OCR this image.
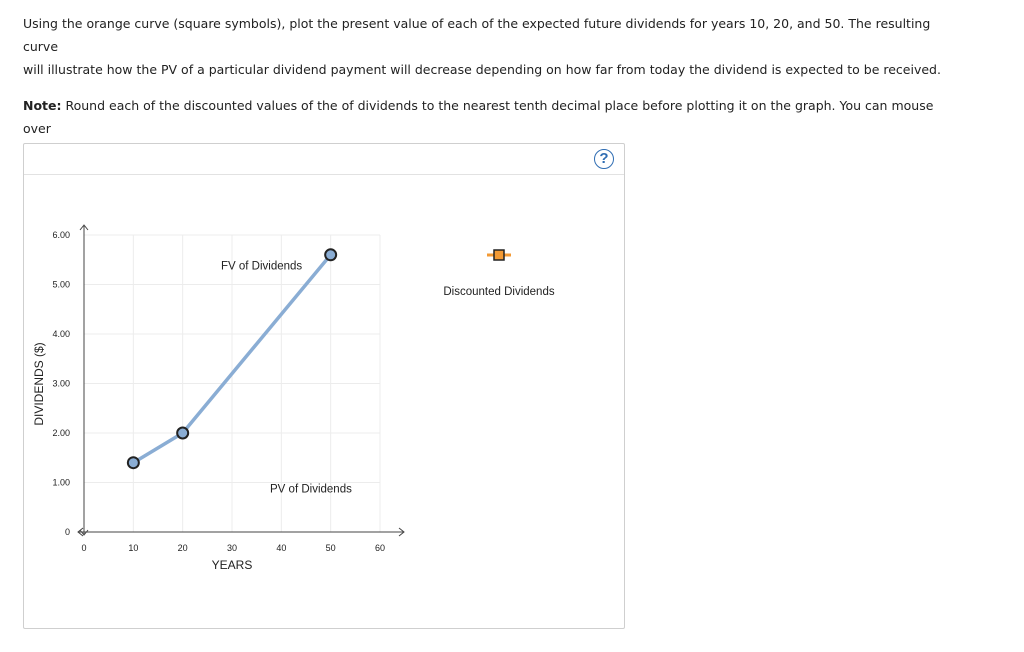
Using the orange curve (square symbols), plot the present value of each of the expected future dividends for years 10, 20, and 50. The resulting curve
will illustrate how the PV of a particular dividend payment will decrease depending on how far from today the dividend is expected to be received.

Note: Round each of the discounted values of the of dividends to the nearest tenth decimal place before plotting it on the graph. You can mouse over

?
0
1.00
2.00
3.00
4.00
5.00
6.00
0	10	20	30	40	50	60
FV of Dividends
PV of Dividends
YEARS
DIVIDENDS ($)
Discounted Dividends
